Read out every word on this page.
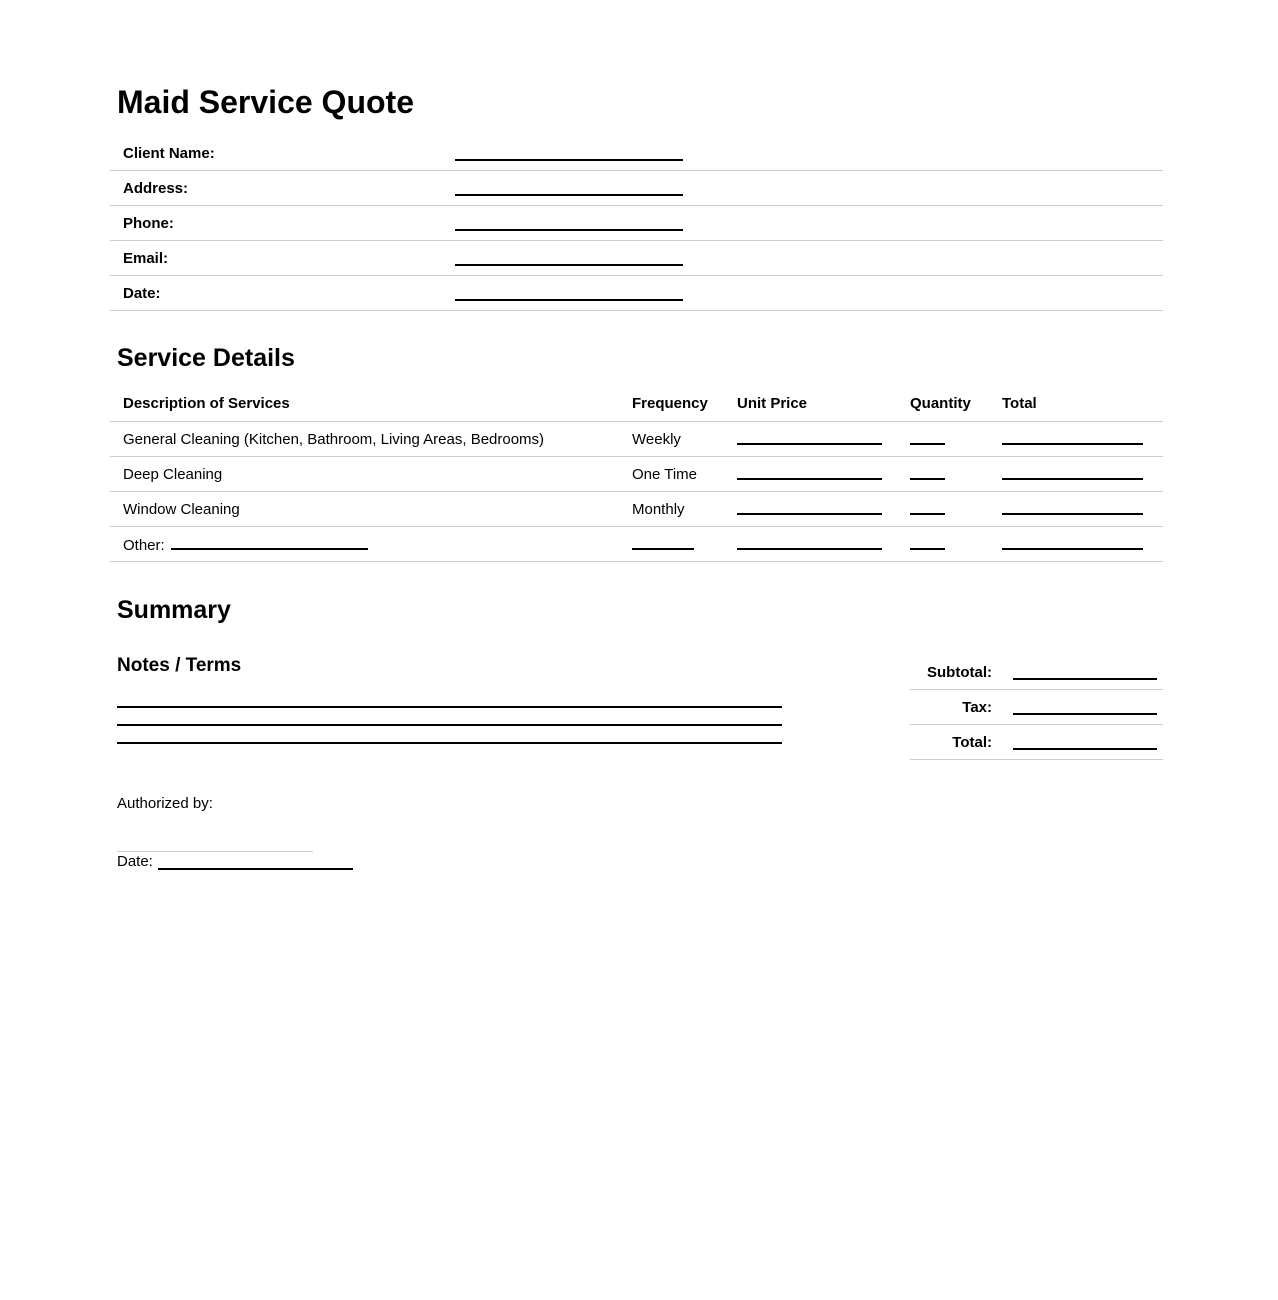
Maid Service Quote
Client Name:
Address:
Phone:
Email:
Date:
Service Details
Description of Services	Frequency	Unit Price	Quantity	Total
General Cleaning (Kitchen, Bathroom, Living Areas, Bedrooms)	Weekly
Deep Cleaning	One Time
Window Cleaning	Monthly
Other:
Summary
Notes / Terms	Subtotal:
Tax:
Total:
Authorized by:
Date:
